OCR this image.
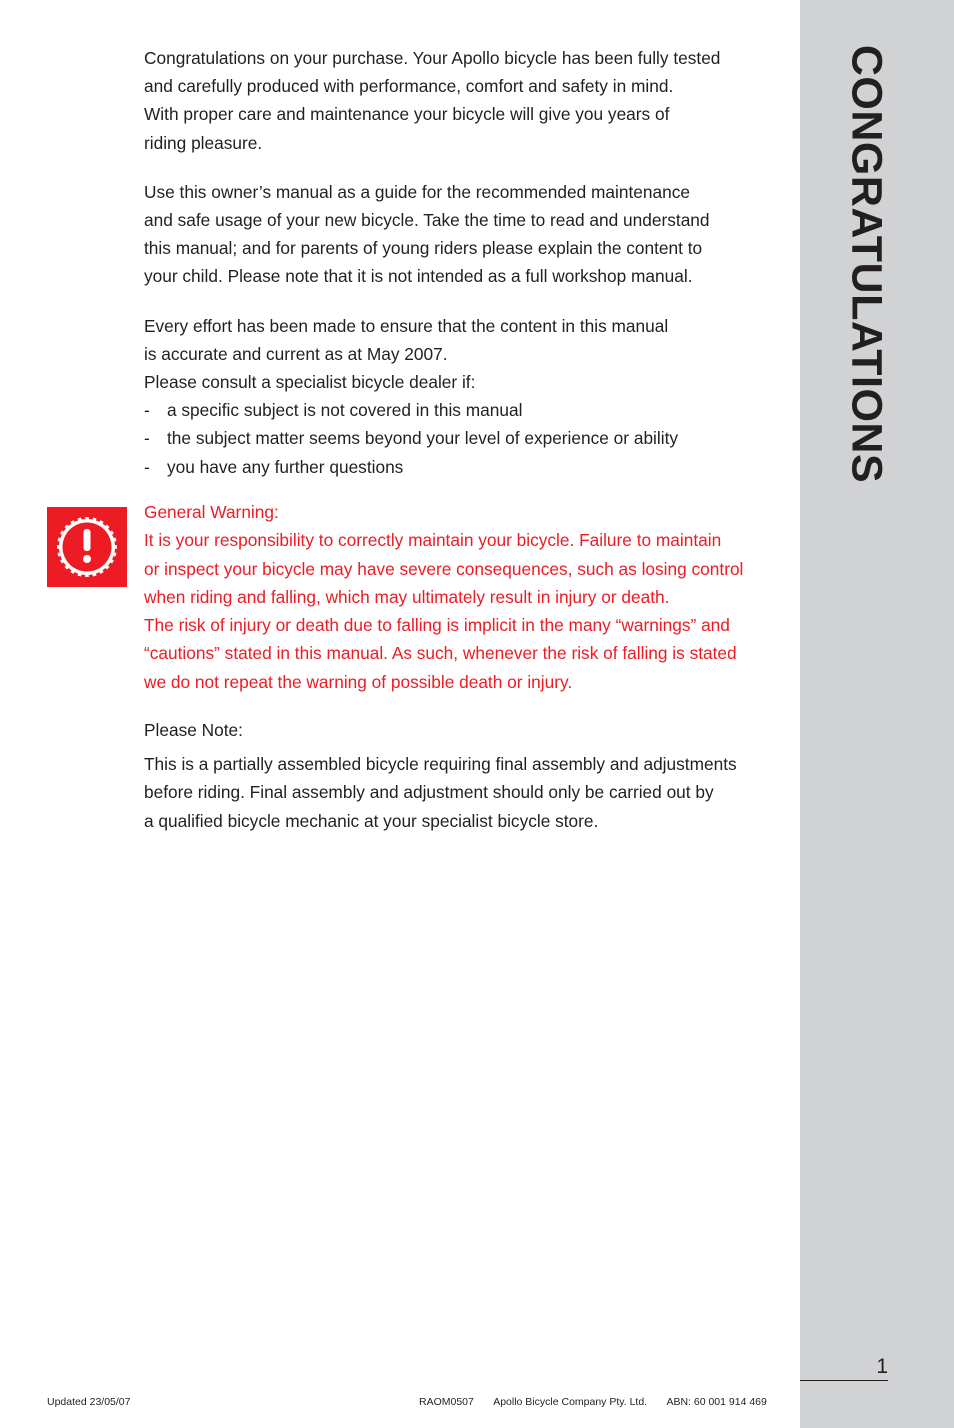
CONGRATULATIONS

Congratulations on your purchase. Your Apollo bicycle has been fully tested
and carefully produced with performance, comfort and safety in mind.
With proper care and maintenance your bicycle will give you years of
riding pleasure.

Use this owner’s manual as a guide for the recommended maintenance
and safe usage of your new bicycle. Take the time to read and understand
this manual; and for parents of young riders please explain the content to
your child. Please note that it is not intended as a full workshop manual.

Every effort has been made to ensure that the content in this manual
is accurate and current as at May 2007.
Please consult a specialist bicycle dealer if:
- a specific subject is not covered in this manual
- the subject matter seems beyond your level of experience or ability
- you have any further questions
General Warning:
It is your responsibility to correctly maintain your bicycle. Failure to maintain
or inspect your bicycle may have severe consequences, such as losing control
when riding and falling, which may ultimately result in injury or death.
The risk of injury or death due to falling is implicit in the many “warnings” and
“cautions” stated in this manual. As such, whenever the risk of falling is stated
we do not repeat the warning of possible death or injury.
Please Note:
This is a partially assembled bicycle requiring final assembly and adjustments
before riding. Final assembly and adjustment should only be carried out by
a qualified bicycle mechanic at your specialist bicycle store.
1
Updated 23/05/07	RAOM0507 Apollo Bicycle Company Pty. Ltd. ABN: 60 001 914 469
